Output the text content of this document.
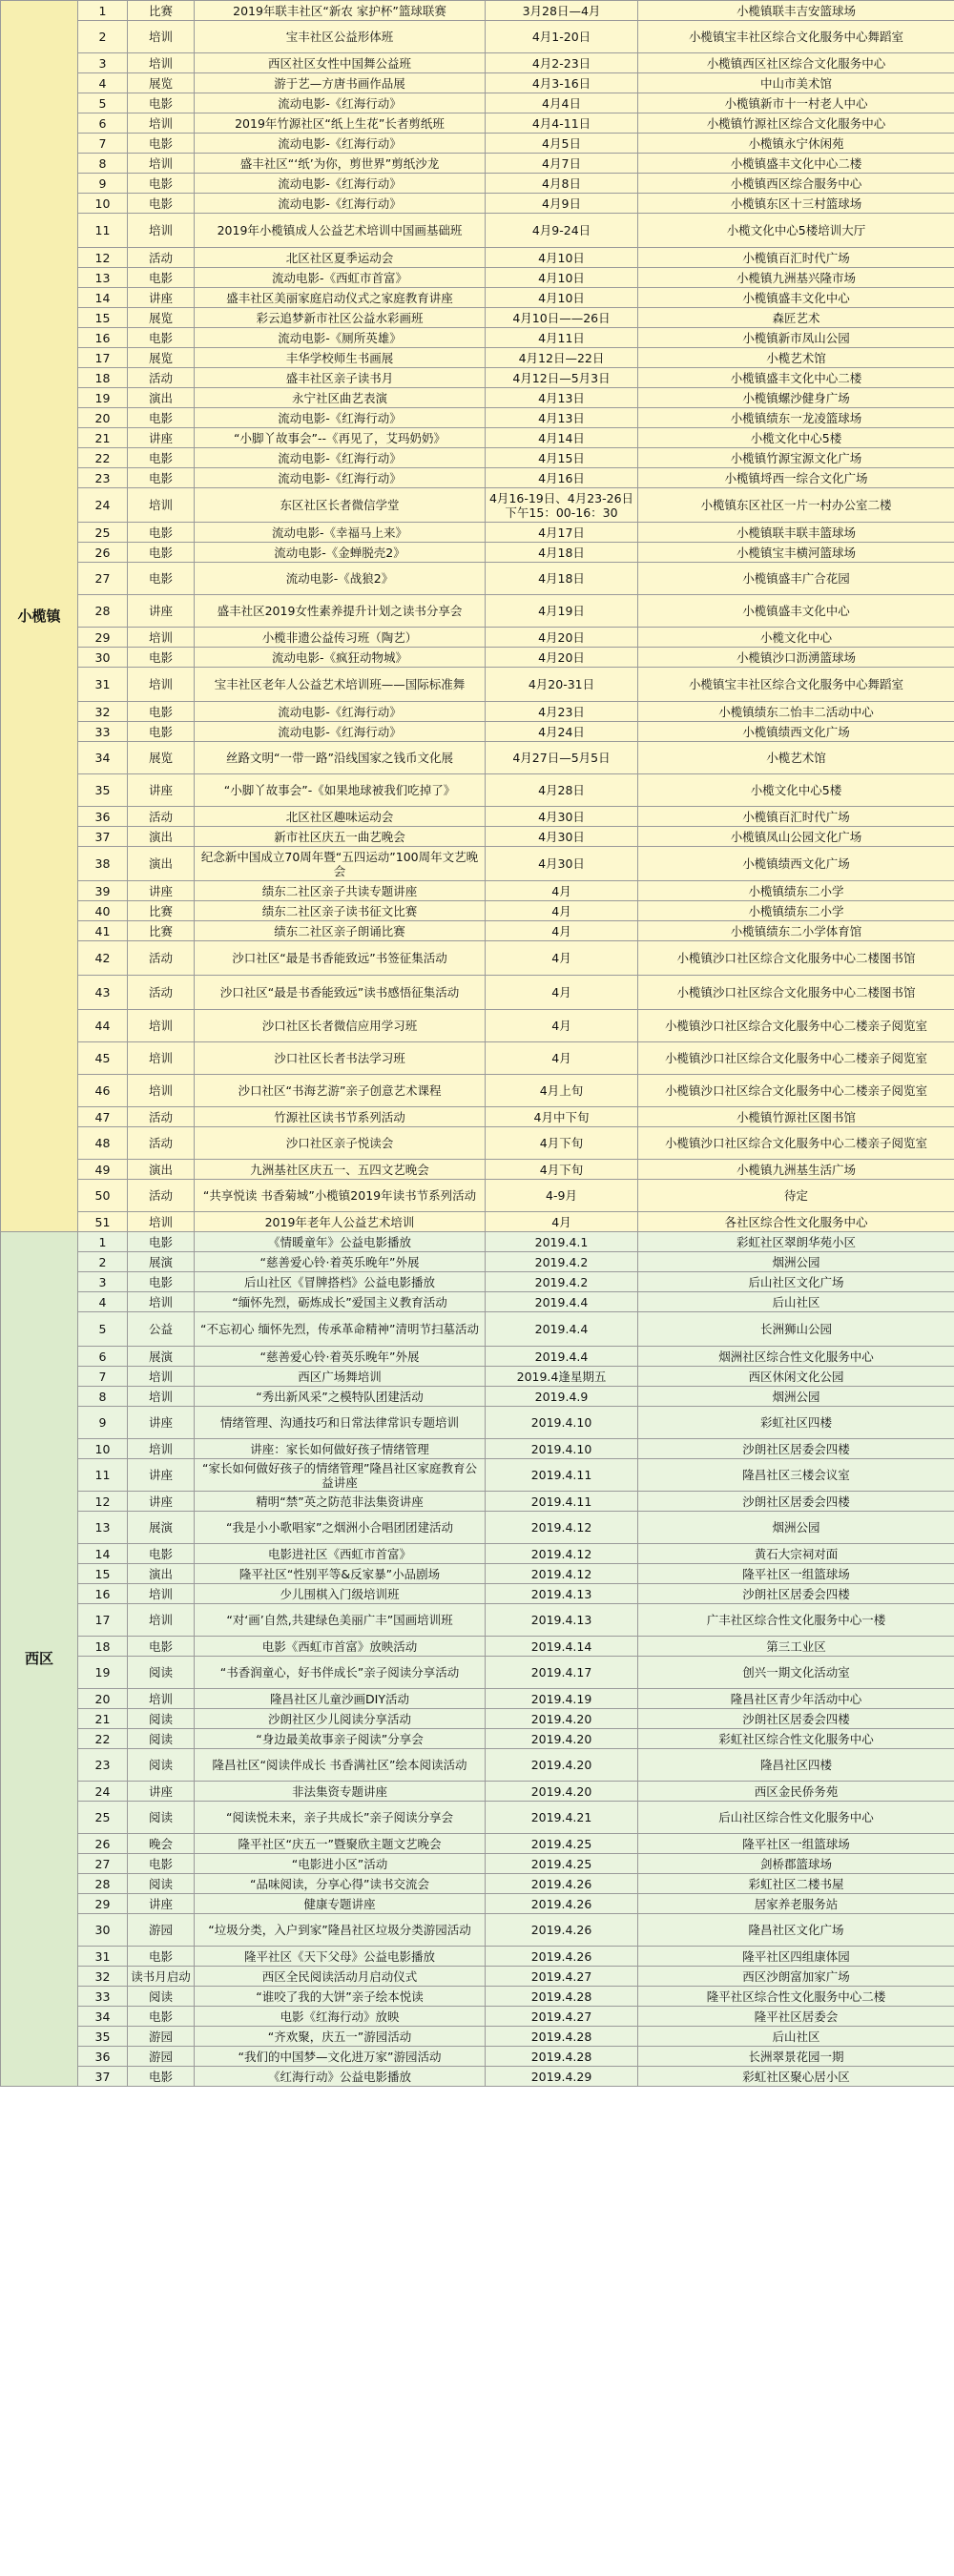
小榄镇	1	比赛	2019年联丰社区“新农 家护杯”篮球联赛	3月28日—4月	小榄镇联丰吉安篮球场
	2	培训	宝丰社区公益形体班	4月1-20日	小榄镇宝丰社区综合文化服务中心舞蹈室
	3	培训	西区社区女性中国舞公益班	4月2-23日	小榄镇西区社区综合文化服务中心
	4	展览	游于艺—方唐书画作品展	4月3-16日	中山市美术馆
	5	电影	流动电影-《红海行动》	4月4日	小榄镇新市十一村老人中心
	6	培训	2019年竹源社区“纸上生花”长者剪纸班	4月4-11日	小榄镇竹源社区综合文化服务中心
	7	电影	流动电影-《红海行动》	4月5日	小榄镇永宁休闲苑
	8	培训	盛丰社区“‘纸’为你，剪世界”剪纸沙龙	4月7日	小榄镇盛丰文化中心二楼
	9	电影	流动电影-《红海行动》	4月8日	小榄镇西区综合服务中心
	10	电影	流动电影-《红海行动》	4月9日	小榄镇东区十三村篮球场
	11	培训	2019年小榄镇成人公益艺术培训中国画基础班	4月9-24日	小榄文化中心5楼培训大厅
	12	活动	北区社区夏季运动会	4月10日	小榄镇百汇时代广场
	13	电影	流动电影-《西虹市首富》	4月10日	小榄镇九洲基兴隆市场
	14	讲座	盛丰社区美丽家庭启动仪式之家庭教育讲座	4月10日	小榄镇盛丰文化中心
	15	展览	彩云追梦新市社区公益水彩画班	4月10日——26日	森匠艺术
	16	电影	流动电影-《厕所英雄》	4月11日	小榄镇新市凤山公园
	17	展览	丰华学校师生书画展	4月12日—22日	小榄艺术馆
	18	活动	盛丰社区亲子读书月	4月12日—5月3日	小榄镇盛丰文化中心二楼
	19	演出	永宁社区曲艺表演	4月13日	小榄镇螺沙健身广场
	20	电影	流动电影-《红海行动》	4月13日	小榄镇绩东一龙凌篮球场
	21	讲座	“小脚丫故事会”--《再见了，艾玛奶奶》	4月14日	小榄文化中心5楼
	22	电影	流动电影-《红海行动》	4月15日	小榄镇竹源宝源文化广场
	23	电影	流动电影-《红海行动》	4月16日	小榄镇埒西一综合文化广场
	24	培训	东区社区长者微信学堂	4月16-19日、4月23-26日下午15：00-16：30	小榄镇东区社区一片一村办公室二楼
	25	电影	流动电影-《幸福马上来》	4月17日	小榄镇联丰联丰篮球场
	26	电影	流动电影-《金蝉脱壳2》	4月18日	小榄镇宝丰横河篮球场
	27	电影	流动电影-《战狼2》	4月18日	小榄镇盛丰广合花园
	28	讲座	盛丰社区2019女性素养提升计划之读书分享会	4月19日	小榄镇盛丰文化中心
	29	培训	小榄非遗公益传习班（陶艺）	4月20日	小榄文化中心
	30	电影	流动电影-《疯狂动物城》	4月20日	小榄镇沙口沥湧篮球场
	31	培训	宝丰社区老年人公益艺术培训班——国际标准舞	4月20-31日	小榄镇宝丰社区综合文化服务中心舞蹈室
	32	电影	流动电影-《红海行动》	4月23日	小榄镇绩东二怡丰二活动中心
	33	电影	流动电影-《红海行动》	4月24日	小榄镇绩西文化广场
	34	展览	丝路文明“一带一路”沿线国家之钱币文化展	4月27日—5月5日	小榄艺术馆
	35	讲座	“小脚丫故事会”-《如果地球被我们吃掉了》	4月28日	小榄文化中心5楼
	36	活动	北区社区趣味运动会	4月30日	小榄镇百汇时代广场
	37	演出	新市社区庆五一曲艺晚会	4月30日	小榄镇凤山公园文化广场
	38	演出	纪念新中国成立70周年暨“五四运动”100周年文艺晚会	4月30日	小榄镇绩西文化广场
	39	讲座	绩东二社区亲子共读专题讲座	4月	小榄镇绩东二小学
	40	比赛	绩东二社区亲子读书征文比赛	4月	小榄镇绩东二小学
	41	比赛	绩东二社区亲子朗诵比赛	4月	小榄镇绩东二小学体育馆
	42	活动	沙口社区“最是书香能致远”书签征集活动	4月	小榄镇沙口社区综合文化服务中心二楼图书馆
	43	活动	沙口社区“最是书香能致远”读书感悟征集活动	4月	小榄镇沙口社区综合文化服务中心二楼图书馆
	44	培训	沙口社区长者微信应用学习班	4月	小榄镇沙口社区综合文化服务中心二楼亲子阅览室
	45	培训	沙口社区长者书法学习班	4月	小榄镇沙口社区综合文化服务中心二楼亲子阅览室
	46	培训	沙口社区“书海艺游”亲子创意艺术课程	4月上旬	小榄镇沙口社区综合文化服务中心二楼亲子阅览室
	47	活动	竹源社区读书节系列活动	4月中下旬	小榄镇竹源社区图书馆
	48	活动	沙口社区亲子悦读会	4月下旬	小榄镇沙口社区综合文化服务中心二楼亲子阅览室
	49	演出	九洲基社区庆五一、五四文艺晚会	4月下旬	小榄镇九洲基生活广场
	50	活动	“共享悦读 书香菊城”小榄镇2019年读书节系列活动	4-9月	待定
	51	培训	2019年老年人公益艺术培训	4月	各社区综合性文化服务中心
西区	1	电影	《情暖童年》公益电影播放	2019.4.1	彩虹社区翠朗华苑小区
	2	展演	“慈善爱心铃·着英乐晚年”外展	2019.4.2	烟洲公园
	3	电影	后山社区《冒牌搭档》公益电影播放	2019.4.2	后山社区文化广场
	4	培训	“缅怀先烈，砺炼成长”爱国主义教育活动	2019.4.4	后山社区
	5	公益	“不忘初心 缅怀先烈，传承革命精神”清明节扫墓活动	2019.4.4	长洲狮山公园
	6	展演	“慈善爱心铃·着英乐晚年”外展	2019.4.4	烟洲社区综合性文化服务中心
	7	培训	西区广场舞培训	2019.4逢星期五	西区休闲文化公园
	8	培训	“秀出新风采”之模特队团建活动	2019.4.9	烟洲公园
	9	讲座	情绪管理、沟通技巧和日常法律常识专题培训	2019.4.10	彩虹社区四楼
	10	培训	讲座：家长如何做好孩子情绪管理	2019.4.10	沙朗社区居委会四楼
	11	讲座	“家长如何做好孩子的情绪管理”隆昌社区家庭教育公益讲座	2019.4.11	隆昌社区三楼会议室
	12	讲座	精明“禁”英之防范非法集资讲座	2019.4.11	沙朗社区居委会四楼
	13	展演	“我是小小歌唱家”之烟洲小合唱团团建活动	2019.4.12	烟洲公园
	14	电影	电影进社区《西虹市首富》	2019.4.12	黄石大宗祠对面
	15	演出	隆平社区“性别平等&反家暴”小品剧场	2019.4.12	隆平社区一组篮球场
	16	培训	少儿围棋入门级培训班	2019.4.13	沙朗社区居委会四楼
	17	培训	“对‘画’自然,共建绿色美丽广丰”国画培训班	2019.4.13	广丰社区综合性文化服务中心一楼
	18	电影	电影《西虹市首富》放映活动	2019.4.14	第三工业区
	19	阅读	“书香润童心，好书伴成长”亲子阅读分享活动	2019.4.17	创兴一期文化活动室
	20	培训	隆昌社区儿童沙画DIY活动	2019.4.19	隆昌社区青少年活动中心
	21	阅读	沙朗社区少儿阅读分享活动	2019.4.20	沙朗社区居委会四楼
	22	阅读	“身边最美故事亲子阅读”分享会	2019.4.20	彩虹社区综合性文化服务中心
	23	阅读	隆昌社区“阅读伴成长 书香满社区”绘本阅读活动	2019.4.20	隆昌社区四楼
	24	讲座	非法集资专题讲座	2019.4.20	西区金民侨务苑
	25	阅读	“阅读悦未来，亲子共成长”亲子阅读分享会	2019.4.21	后山社区综合性文化服务中心
	26	晚会	隆平社区“庆五一”暨聚欣主题文艺晚会	2019.4.25	隆平社区一组篮球场
	27	电影	“电影进小区”活动	2019.4.25	剑桥郡篮球场
	28	阅读	“品味阅读，分享心得”读书交流会	2019.4.26	彩虹社区二楼书屋
	29	讲座	健康专题讲座	2019.4.26	居家养老服务站
	30	游园	“垃圾分类，入户到家”隆昌社区垃圾分类游园活动	2019.4.26	隆昌社区文化广场
	31	电影	隆平社区《天下父母》公益电影播放	2019.4.26	隆平社区四组康体园
	32	读书月启动	西区全民阅读活动月启动仪式	2019.4.27	西区沙朗富加家广场
	33	阅读	“谁咬了我的大饼”亲子绘本悦读	2019.4.28	隆平社区综合性文化服务中心二楼
	34	电影	电影《红海行动》放映	2019.4.27	隆平社区居委会
	35	游园	“齐欢聚，庆五一”游园活动	2019.4.28	后山社区
	36	游园	“我们的中国梦—文化进万家”游园活动	2019.4.28	长洲翠景花园一期
	37	电影	《红海行动》公益电影播放	2019.4.29	彩虹社区聚心居小区
